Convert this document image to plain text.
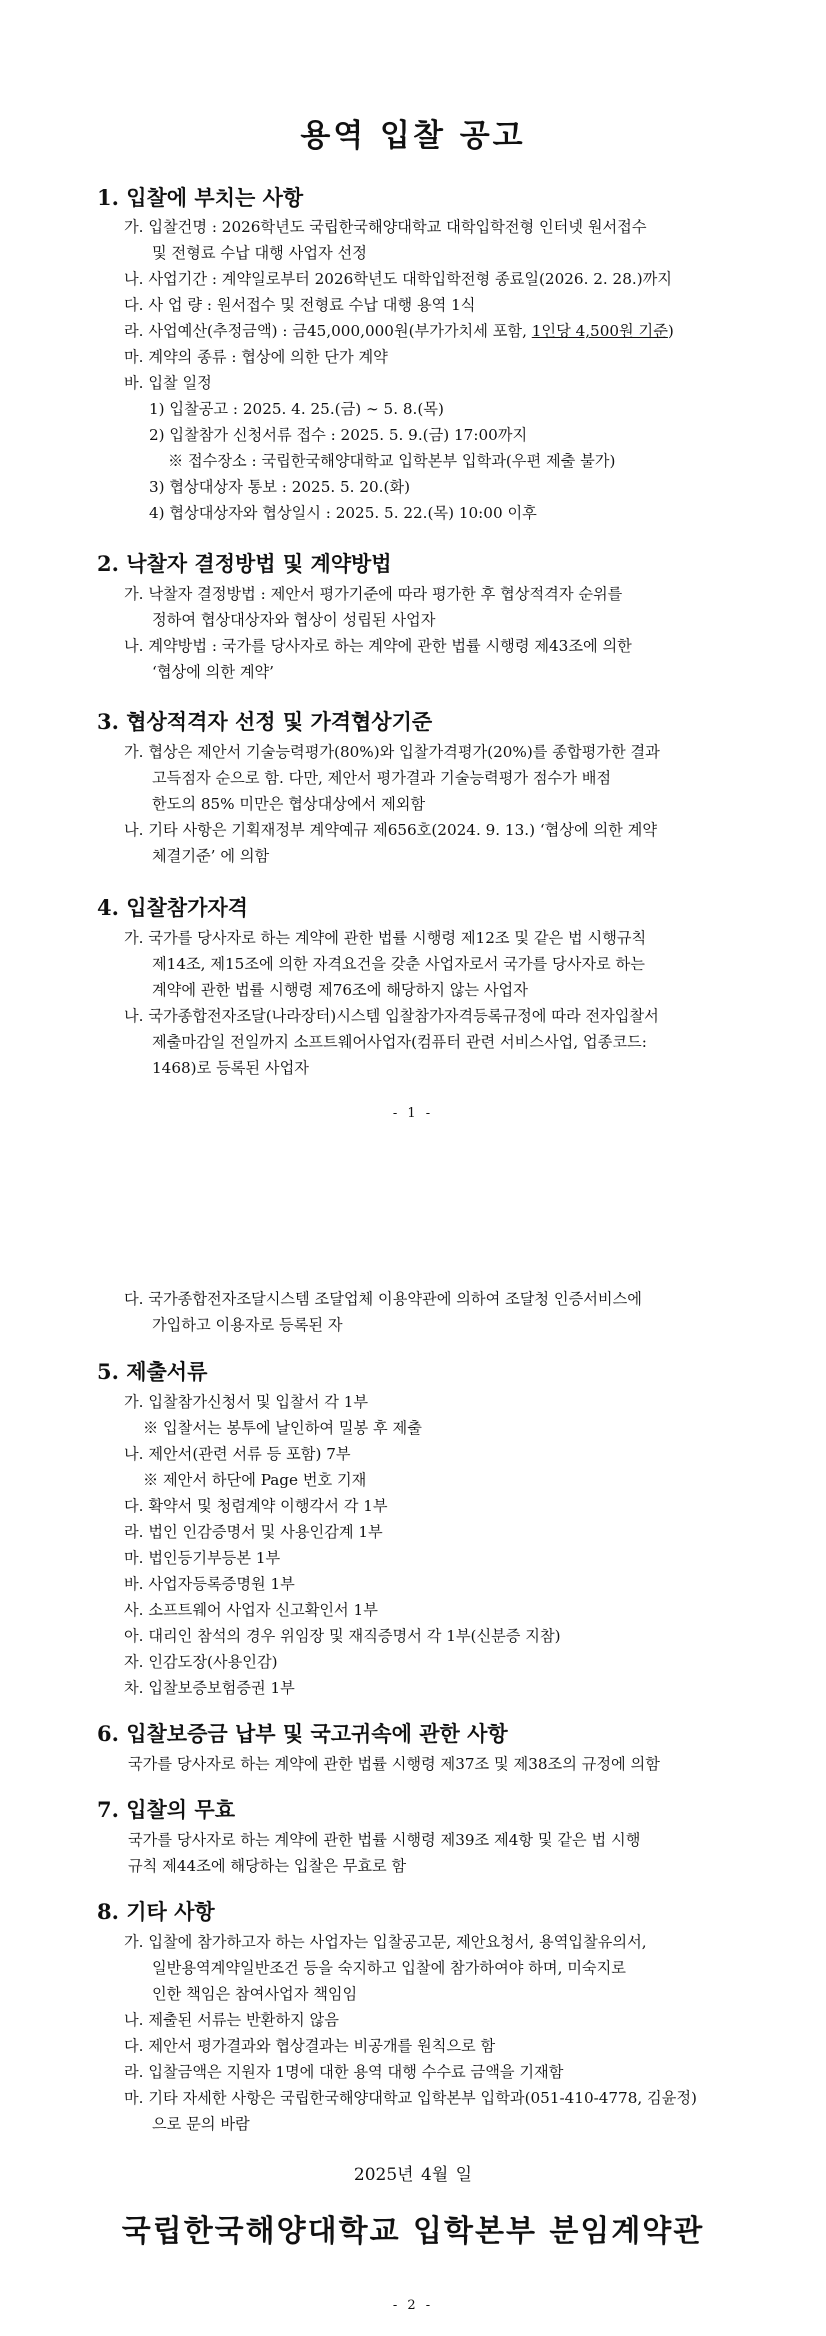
용역 입찰 공고
1. 입찰에 부치는 사항
가. 입찰건명 : 2026학년도 국립한국해양대학교 대학입학전형 인터넷 원서접수
및 전형료 수납 대행 사업자 선정
나. 사업기간 : 계약일로부터 2026학년도 대학입학전형 종료일(2026. 2. 28.)까지
다. 사 업 량 : 원서접수 및 전형료 수납 대행 용역 1식
라. 사업예산(추정금액) : 금45,000,000원(부가가치세 포함, 1인당 4,500원 기준)
마. 계약의 종류 : 협상에 의한 단가 계약
바. 입찰 일정
1) 입찰공고 : 2025. 4. 25.(금) ∼ 5. 8.(목)
2) 입찰참가 신청서류 접수 : 2025. 5. 9.(금) 17:00까지
※ 접수장소 : 국립한국해양대학교 입학본부 입학과(우편 제출 불가)
3) 협상대상자 통보 : 2025. 5. 20.(화)
4) 협상대상자와 협상일시 : 2025. 5. 22.(목) 10:00 이후
2. 낙찰자 결정방법 및 계약방법
가. 낙찰자 결정방법 : 제안서 평가기준에 따라 평가한 후 협상적격자 순위를
정하여 협상대상자와 협상이 성립된 사업자
나. 계약방법 : 국가를 당사자로 하는 계약에 관한 법률 시행령 제43조에 의한
‘협상에 의한 계약’
3. 협상적격자 선정 및 가격협상기준
가. 협상은 제안서 기술능력평가(80%)와 입찰가격평가(20%)를 종합평가한 결과
고득점자 순으로 함. 다만, 제안서 평가결과 기술능력평가 점수가 배점
한도의 85% 미만은 협상대상에서 제외함
나. 기타 사항은 기획재정부 계약예규 제656호(2024. 9. 13.) ‘협상에 의한 계약
체결기준’ 에 의함
4. 입찰참가자격
가. 국가를 당사자로 하는 계약에 관한 법률 시행령 제12조 및 같은 법 시행규칙
제14조, 제15조에 의한 자격요건을 갖춘 사업자로서 국가를 당사자로 하는
계약에 관한 법률 시행령 제76조에 해당하지 않는 사업자
나. 국가종합전자조달(나라장터)시스템 입찰참가자격등록규정에 따라 전자입찰서
제출마감일 전일까지 소프트웨어사업자(컴퓨터 관련 서비스사업, 업종코드:
1468)로 등록된 사업자
- 1 -
다. 국가종합전자조달시스템 조달업체 이용약관에 의하여 조달청 인증서비스에
가입하고 이용자로 등록된 자
5. 제출서류
가. 입찰참가신청서 및 입찰서 각 1부
※ 입찰서는 봉투에 날인하여 밀봉 후 제출
나. 제안서(관련 서류 등 포함) 7부
※ 제안서 하단에 Page 번호 기재
다. 확약서 및 청렴계약 이행각서 각 1부
라. 법인 인감증명서 및 사용인감계 1부
마. 법인등기부등본 1부
바. 사업자등록증명원 1부
사. 소프트웨어 사업자 신고확인서 1부
아. 대리인 참석의 경우 위임장 및 재직증명서 각 1부(신분증 지참)
자. 인감도장(사용인감)
차. 입찰보증보험증권 1부
6. 입찰보증금 납부 및 국고귀속에 관한 사항
국가를 당사자로 하는 계약에 관한 법률 시행령 제37조 및 제38조의 규정에 의함
7. 입찰의 무효
국가를 당사자로 하는 계약에 관한 법률 시행령 제39조 제4항 및 같은 법 시행
규칙 제44조에 해당하는 입찰은 무효로 함
8. 기타 사항
가. 입찰에 참가하고자 하는 사업자는 입찰공고문, 제안요청서, 용역입찰유의서,
일반용역계약일반조건 등을 숙지하고 입찰에 참가하여야 하며, 미숙지로
인한 책임은 참여사업자 책임임
나. 제출된 서류는 반환하지 않음
다. 제안서 평가결과와 협상결과는 비공개를 원칙으로 함
라. 입찰금액은 지원자 1명에 대한 용역 대행 수수료 금액을 기재함
마. 기타 자세한 사항은 국립한국해양대학교 입학본부 입학과(051-410-4778, 김윤정)
으로 문의 바람
2025년 4월 일
국립한국해양대학교 입학본부 분임계약관
- 2 -
